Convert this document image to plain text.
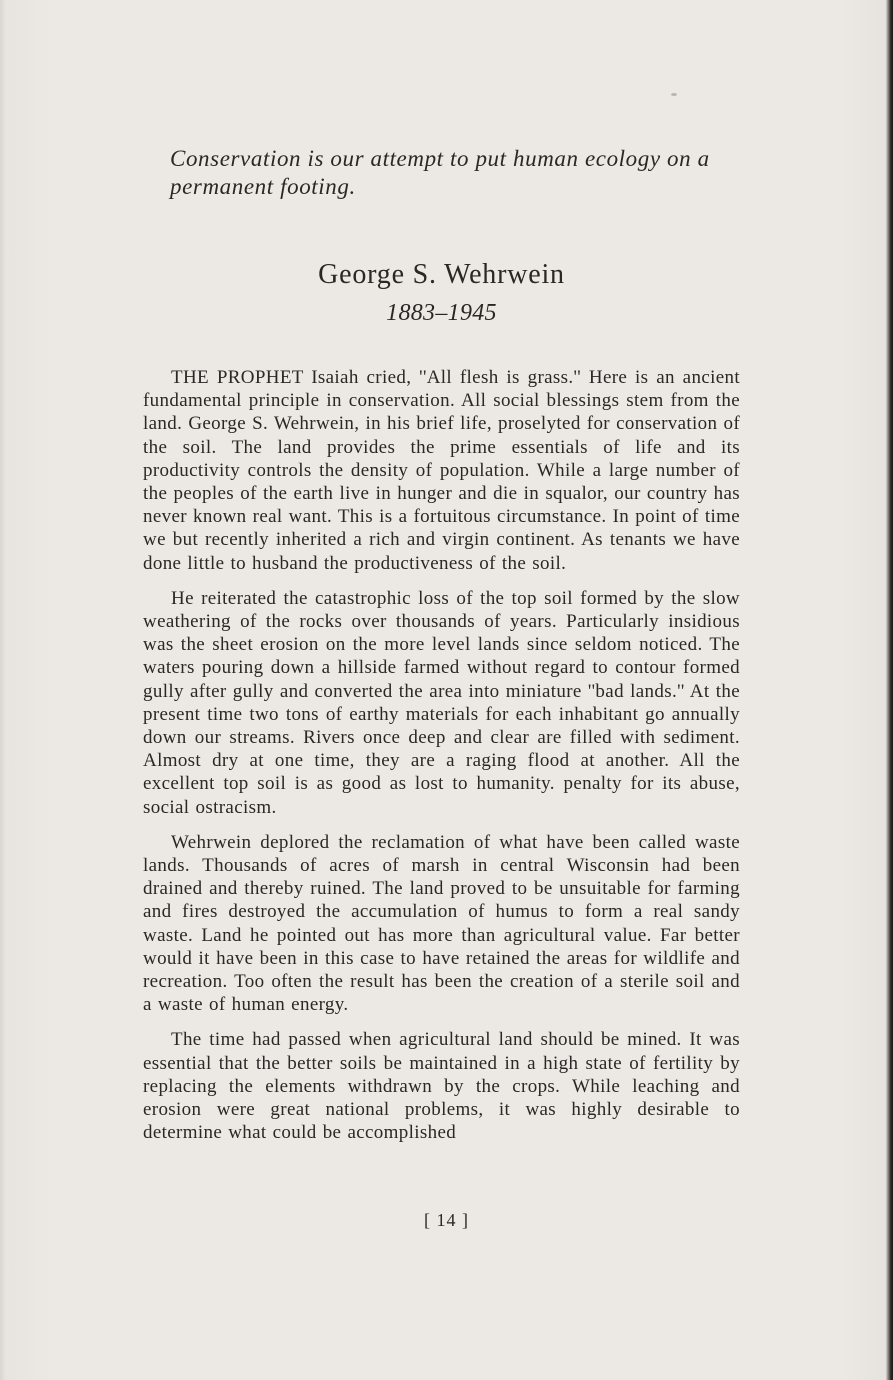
Conservation is our attempt to put human ecology on a permanent footing.
George S. Wehrwein
1883–1945

THE PROPHET Isaiah cried, ''All flesh is grass.'' Here is an ancient fundamental principle in conservation. All social blessings stem from the land. George S. Wehrwein, in his brief life, proselyted for conservation of the soil. The land provides the prime essentials of life and its productivity controls the density of population. While a large number of the peoples of the earth live in hunger and die in squalor, our country has never known real want. This is a fortuitous circumstance. In point of time we but recently inherited a rich and virgin continent. As tenants we have done little to husband the productiveness of the soil.

He reiterated the catastrophic loss of the top soil formed by the slow weathering of the rocks over thousands of years. Particularly insidious was the sheet erosion on the more level lands since seldom noticed. The waters pouring down a hillside farmed without regard to contour formed gully after gully and converted the area into miniature ''bad lands.'' At the present time two tons of earthy materials for each inhabitant go annually down our streams. Rivers once deep and clear are filled with sediment. Almost dry at one time, they are a raging flood at another. All the excellent top soil is as good as lost to humanity. penalty for its abuse, social ostracism.

Wehrwein deplored the reclamation of what have been called waste lands. Thousands of acres of marsh in central Wisconsin had been drained and thereby ruined. The land proved to be unsuitable for farming and fires destroyed the accumulation of humus to form a real sandy waste. Land he pointed out has more than agricultural value. Far better would it have been in this case to have retained the areas for wildlife and recreation. Too often the result has been the creation of a sterile soil and a waste of human energy.

The time had passed when agricultural land should be mined. It was essential that the better soils be maintained in a high state of fertility by replacing the elements withdrawn by the crops. While leaching and erosion were great national problems, it was highly desirable to determine what could be accomplished

[ 14 ]
